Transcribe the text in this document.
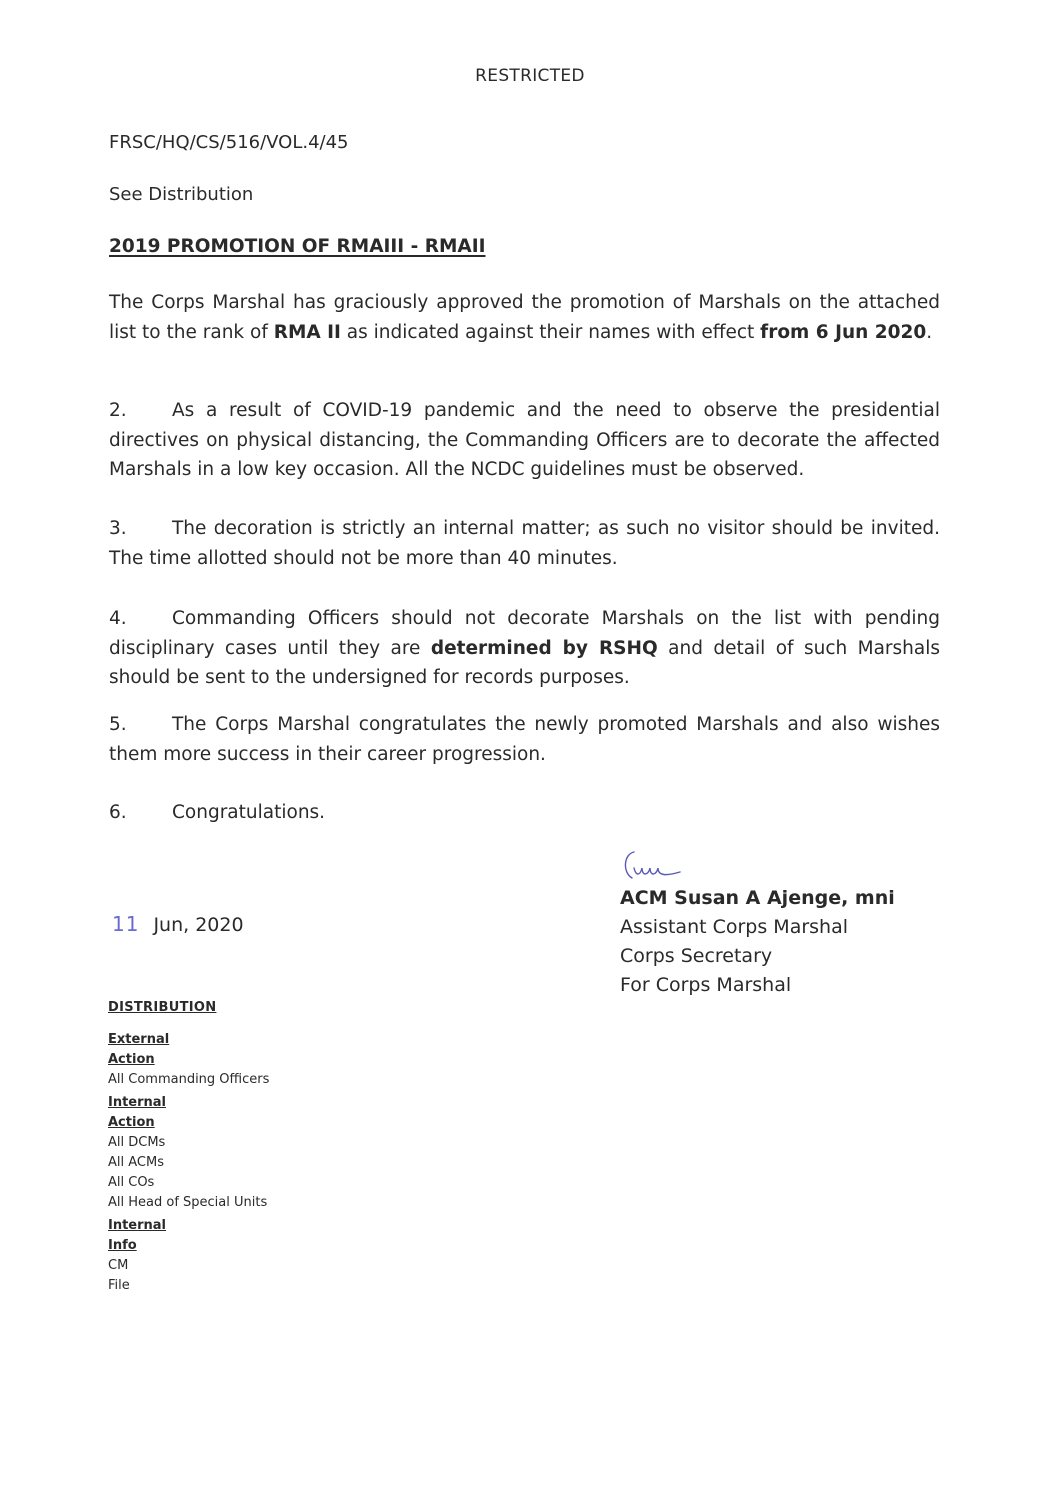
RESTRICTED
FRSC/HQ/CS/516/VOL.4/45
See Distribution
2019 PROMOTION OF RMAIII - RMAII
The Corps Marshal has graciously approved the promotion of Marshals on the attached list to the rank of RMA II as indicated against their names with effect from 6 Jun 2020.
2. As a result of COVID-19 pandemic and the need to observe the presidential directives on physical distancing, the Commanding Officers are to decorate the affected Marshals in a low key occasion. All the NCDC guidelines must be observed.
3. The decoration is strictly an internal matter; as such no visitor should be invited. The time allotted should not be more than 40 minutes.
4. Commanding Officers should not decorate Marshals on the list with pending disciplinary cases until they are determined by RSHQ and detail of such Marshals should be sent to the undersigned for records purposes.
5. The Corps Marshal congratulates the newly promoted Marshals and also wishes them more success in their career progression.
6. Congratulations.
ACM Susan A Ajenge, mni
Assistant Corps Marshal
Corps Secretary
For Corps Marshal
11 Jun, 2020
DISTRIBUTION
External
Action
All Commanding Officers
Internal
Action
All DCMs
All ACMs
All COs
All Head of Special Units
Internal
Info
CM
File
